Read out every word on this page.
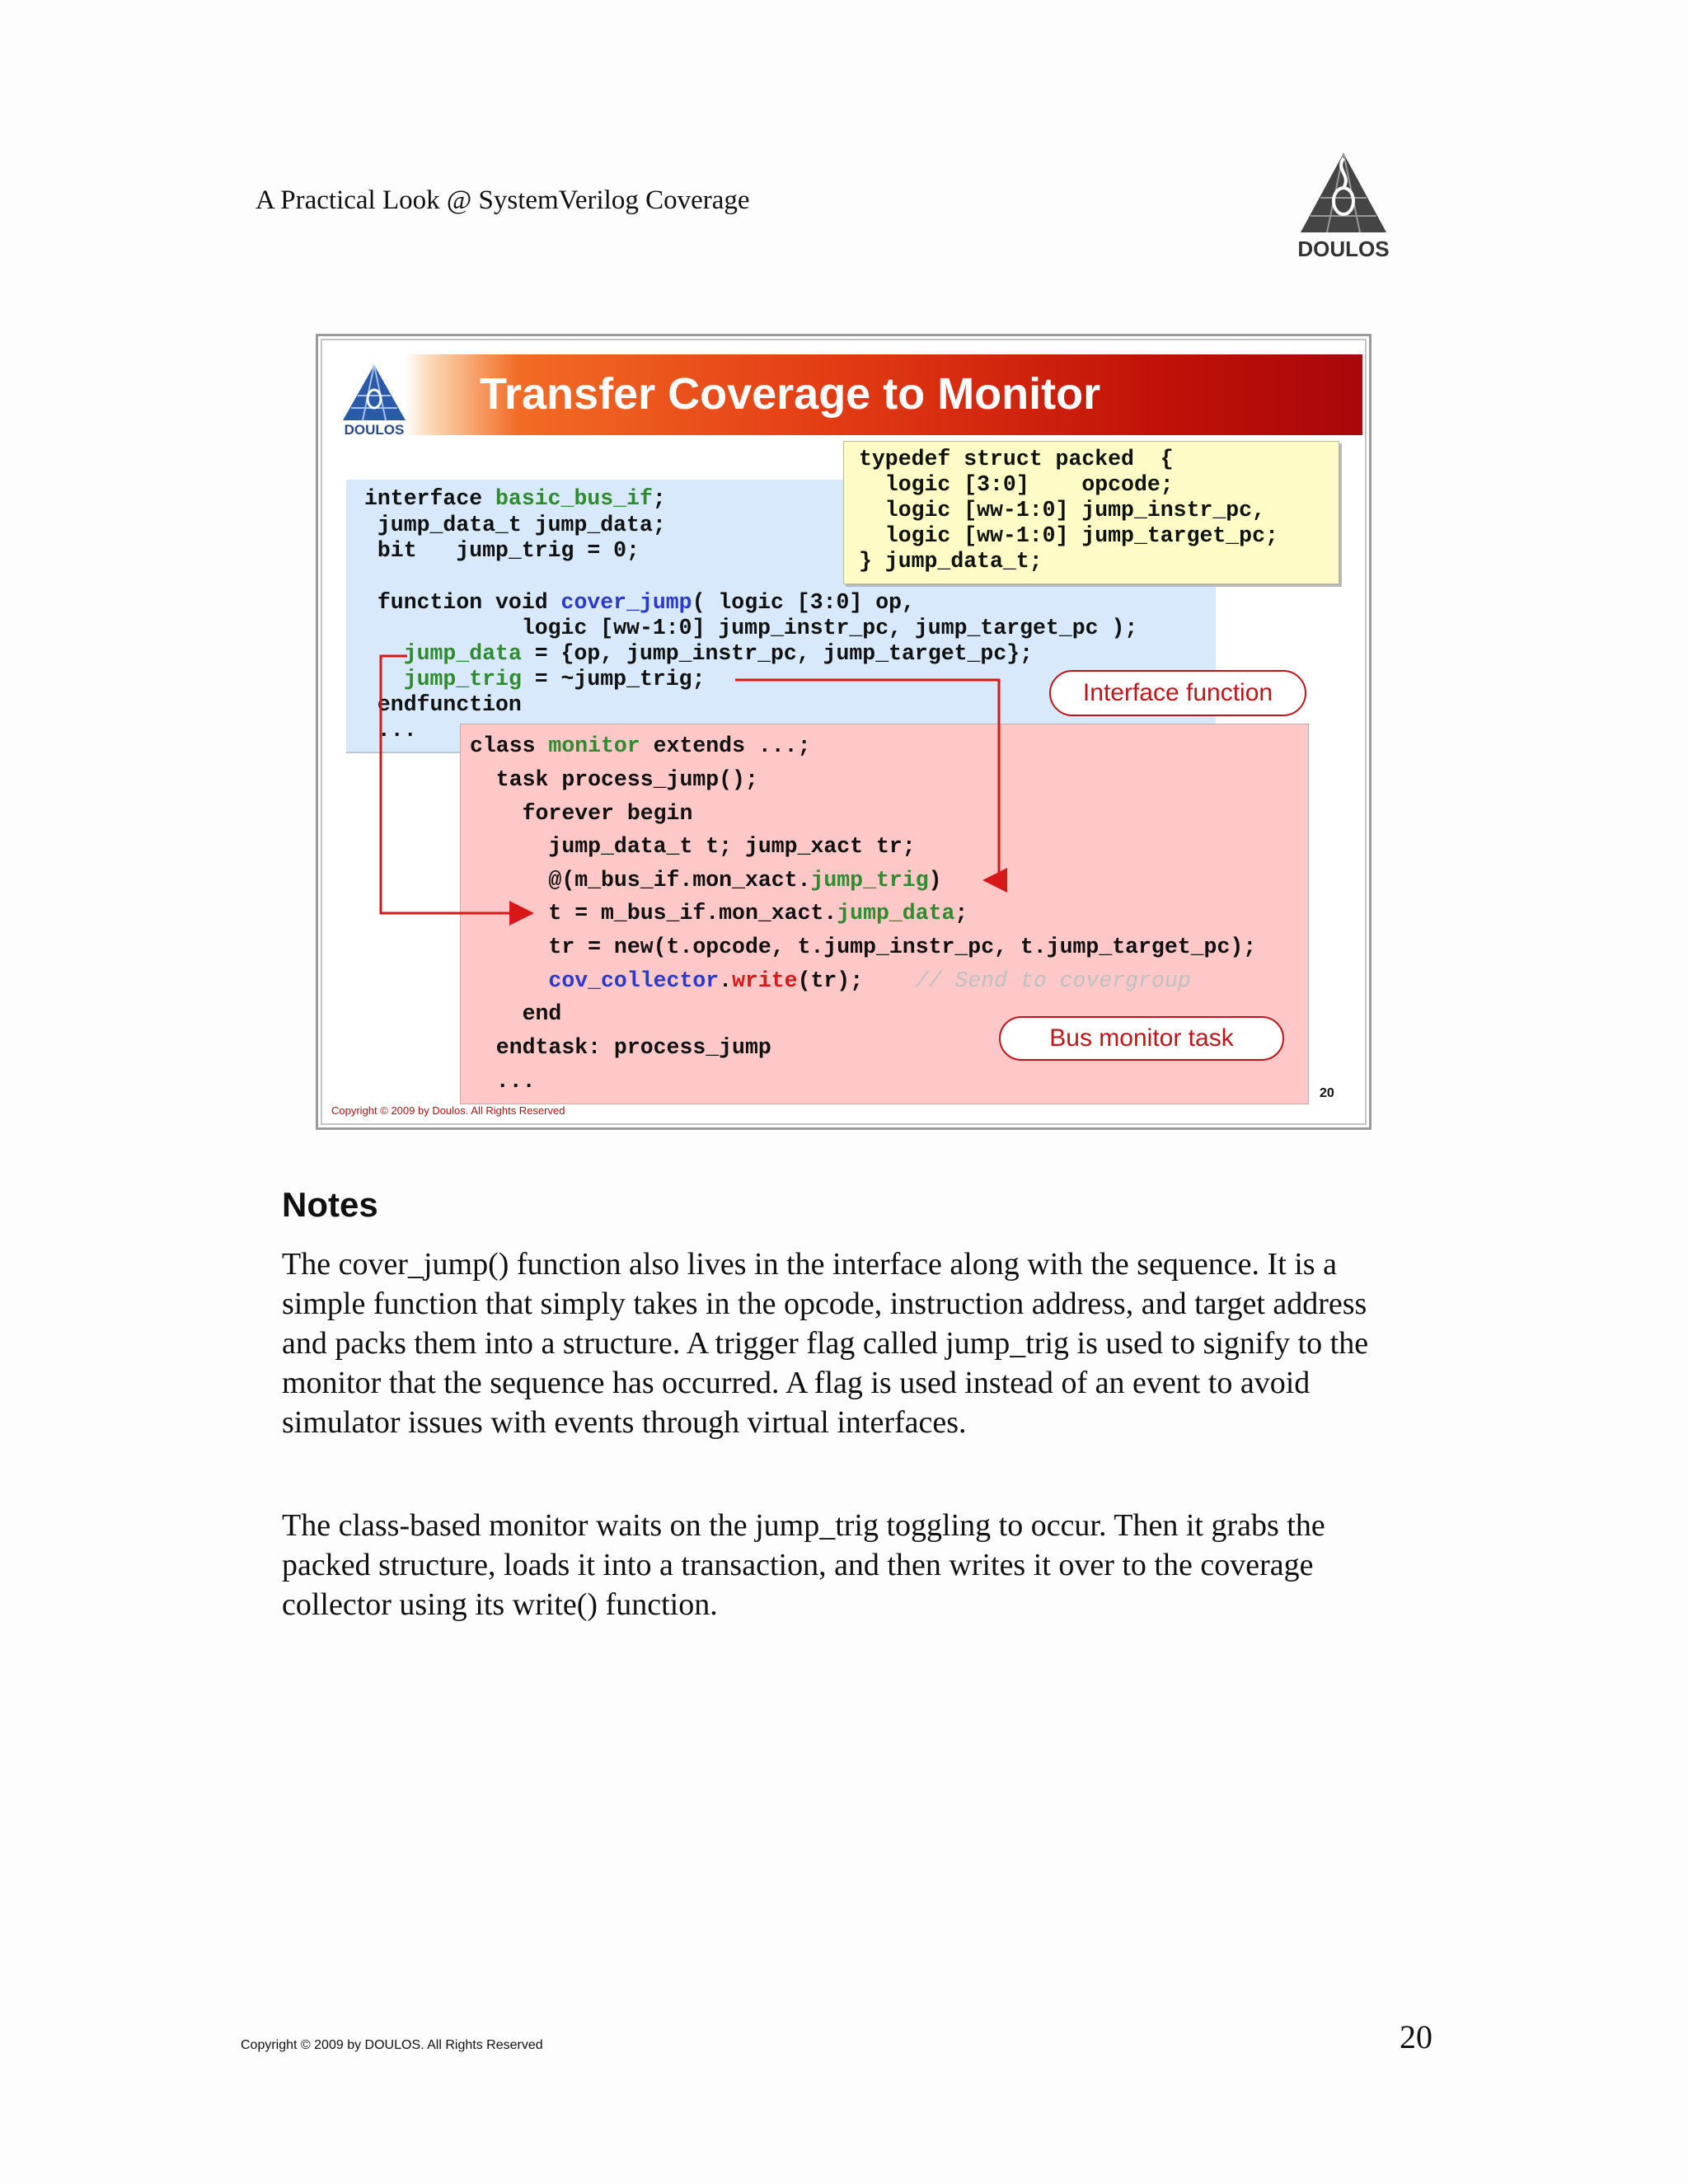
A Practical Look @ SystemVerilog Coverage
DOULOS
Transfer Coverage to Monitor
DOULOS
interface basic_bus_if;
jump_data_t jump_data;
bit   jump_trig = 0;
function void cover_jump( logic [3:0] op,
logic [ww-1:0] jump_instr_pc, jump_target_pc );
jump_data = {op, jump_instr_pc, jump_target_pc};
jump_trig = ~jump_trig;
endfunction
...
typedef struct packed  {
logic [3:0]    opcode;
logic [ww-1:0] jump_instr_pc,
logic [ww-1:0] jump_target_pc;
} jump_data_t;
Interface function
class monitor extends ...;
task process_jump();
forever begin
jump_data_t t; jump_xact tr;
@(m_bus_if.mon_xact.jump_trig)
t = m_bus_if.mon_xact.jump_data;
tr = new(t.opcode, t.jump_instr_pc, t.jump_target_pc);
cov_collector.write(tr);    // Send to covergroup
end
endtask: process_jump
...
Bus monitor task
Copyright © 2009 by Doulos. All Rights Reserved
20
Notes
The cover_jump() function also lives in the interface along with the sequence. It is a simple function that simply takes in the opcode, instruction address, and target address and packs them into a structure. A trigger flag called jump_trig is used to signify to the monitor that the sequence has occurred. A flag is used instead of an event to avoid simulator issues with events through virtual interfaces.
The class-based monitor waits on the jump_trig toggling to occur. Then it grabs the packed structure, loads it into a transaction, and then writes it over to the coverage collector using its write() function.
Copyright © 2009 by DOULOS. All Rights Reserved	20
